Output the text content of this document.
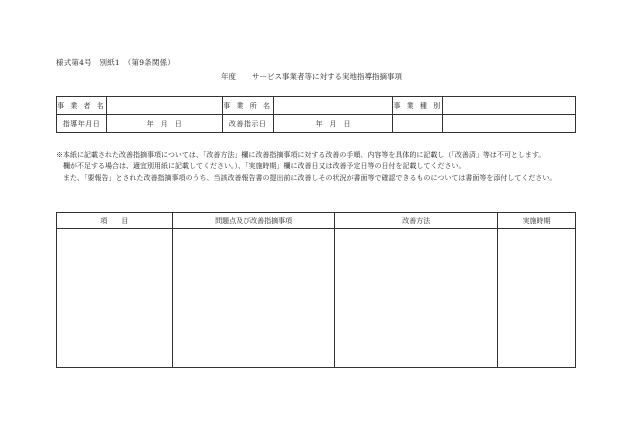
様式第4号　別紙1　（第9条関係）
年度 サービス事業者等に対する実地指導指摘事項
事 業 者 名		事 業 所 名		事 業 種 別	
指導年月日	年　月　日	改善指示日	年　月　日		

※本紙に記載された改善指摘事項については、「改善方法」欄に改善指摘事項に対する改善の手順、内容等を具体的に記載し（「改善済」等は不可とします。

　欄が不足する場合は、適宜別用紙に記載してください。）、「実施時期」欄に改善日又は改善予定日等の日付を記載してください。

　また、「要報告」とされた改善指摘事項のうち、当該改善報告書の提出前に改善しその状況が書面等で確認できるものについては書面等を添付してください。

項　　目	問題点及び改善指摘事項	改善方法	実施時期
